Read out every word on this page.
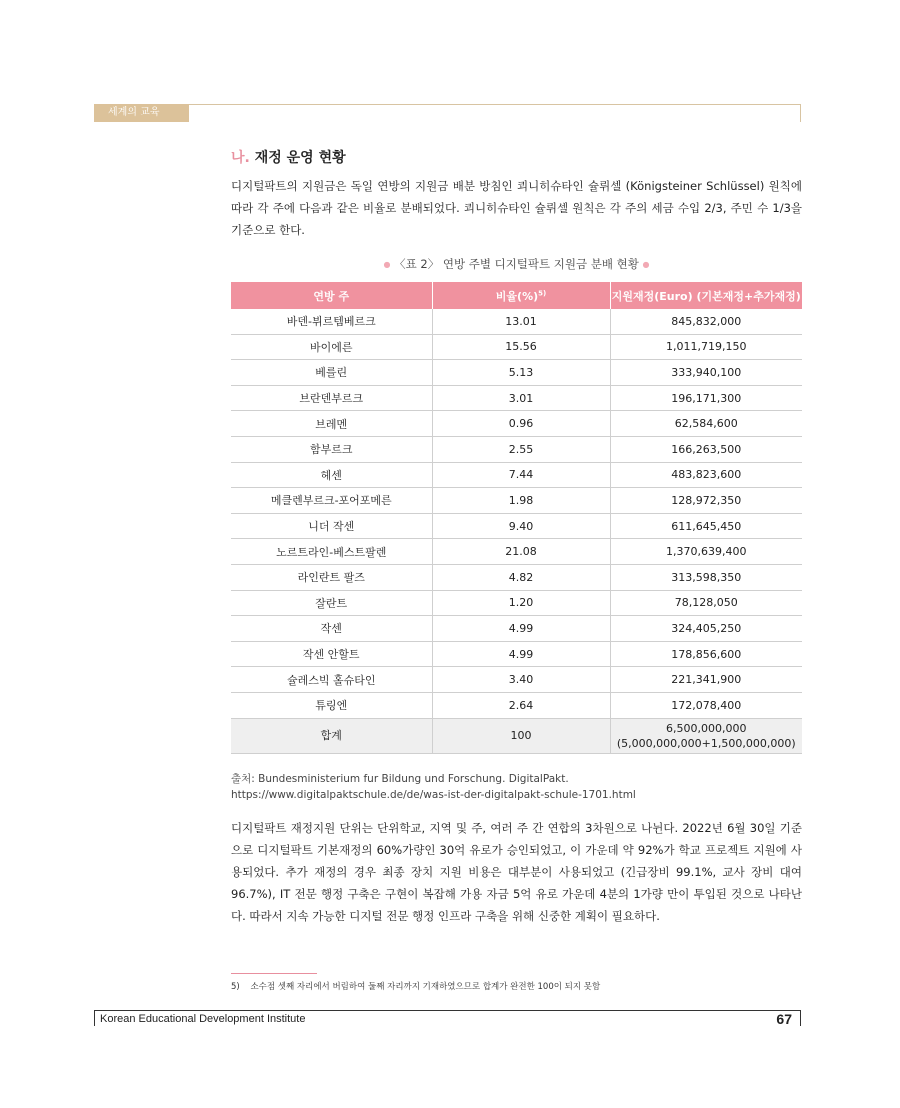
세계의 교육
나. 재정 운영 현황

디지털팍트의 지원금은 독일 연방의 지원금 배분 방침인 쾨니히슈타인 슐뤼셀 (Königsteiner Schlüssel) 원칙에 따라 각 주에 다음과 같은 비율로 분배되었다. 쾨니히슈타인 슐뤼셀 원칙은 각 주의 세금 수입 2/3, 주민 수 1/3을 기준으로 한다.

● 〈표 2〉 연방 주별 디지털팍트 지원금 분배 현황 ●
연방 주	비율(%)$^{5)}$	지원재정(Euro) (기본재정+추가재정)
바덴-뷔르템베르크	13.01	845,832,000
바이에른	15.56	1,011,719,150
베를린	5.13	333,940,100
브란덴부르크	3.01	196,171,300
브레멘	0.96	62,584,600
함부르크	2.55	166,263,500
헤센	7.44	483,823,600
메클렌부르크-포어포메른	1.98	128,972,350
니더 작센	9.40	611,645,450
노르트라인-베스트팔렌	21.08	1,370,639,400
라인란트 팔즈	4.82	313,598,350
잘란트	1.20	78,128,050
작센	4.99	324,405,250
작센 안할트	4.99	178,856,600
슐레스빅 홀슈타인	3.40	221,341,900
튜링엔	2.64	172,078,400
합계	100	6,500,000,000
(5,000,000,000+1,500,000,000)
출처: Bundesministerium fur Bildung und Forschung. DigitalPakt.
https://www.digitalpaktschule.de/de/was-ist-der-digitalpakt-schule-1701.html

디지털팍트 재정지원 단위는 단위학교, 지역 및 주, 여러 주 간 연합의 3차원으로 나뉜다. 2022년 6월 30일 기준으로 디지털팍트 기본재정의 60%가량인 30억 유로가 승인되었고, 이 가운데 약 92%가 학교 프로젝트 지원에 사용되었다. 추가 재정의 경우 최종 장치 지원 비용은 대부분이 사용되었고 (긴급장비 99.1%, 교사 장비 대여 96.7%), IT 전문 행정 구축은 구현이 복잡해 가용 자금 5억 유로 가운데 4분의 1가량 만이 투입된 것으로 나타난다. 따라서 지속 가능한 디지털 전문 행정 인프라 구축을 위해 신중한 계획이 필요하다.

5) 소수점 셋째 자리에서 버림하여 둘째 자리까지 기재하였으므로 합계가 완전한 100이 되지 못함
Korean Educational Development Institute	67
